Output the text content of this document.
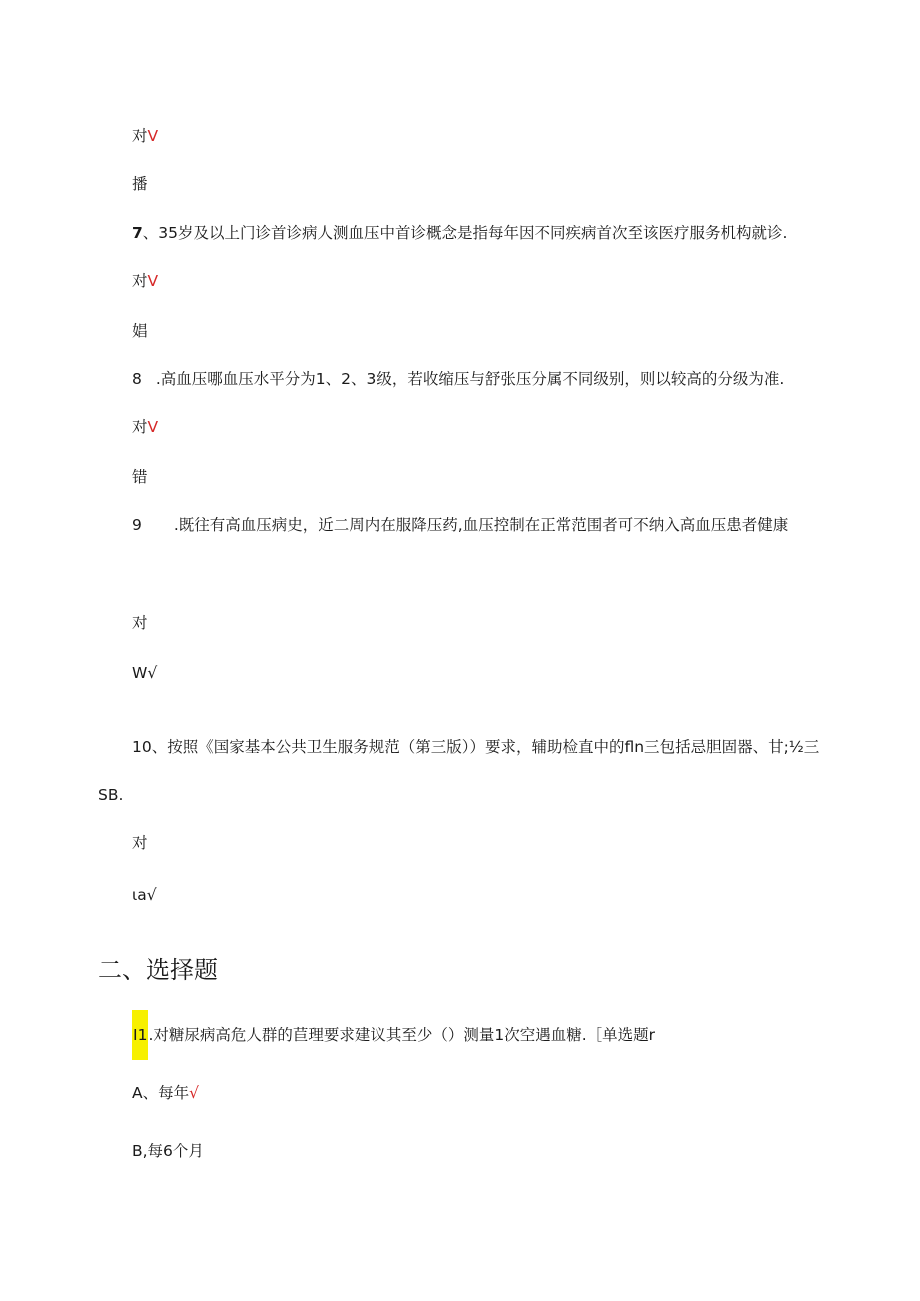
对V
播
7、35岁及以上门诊首诊病人测血压中首诊概念是指每年因不同疾病首次至该医疗服务机构就诊.
对V
娼
8 .高血压哪血压水平分为1、2、3级，若收缩压与舒张压分属不同级别，则以较高的分级为准.
对V
错
9 .既往有高血压病史，近二周内在服降压药,血压控制在正常范围者可不纳入高血压患者健康
对
W√
10、按照《国家基本公共卫生服务规范（第三版））要求，辅助检直中的fln三包括忌胆固器、甘;½三
SB.
对
ιa√
二、选择题
I1.对糖尿病高危人群的苣理要求建议其至少（）测量1次空遇血糖.［单选题r
A、每年√
B,每6个月
